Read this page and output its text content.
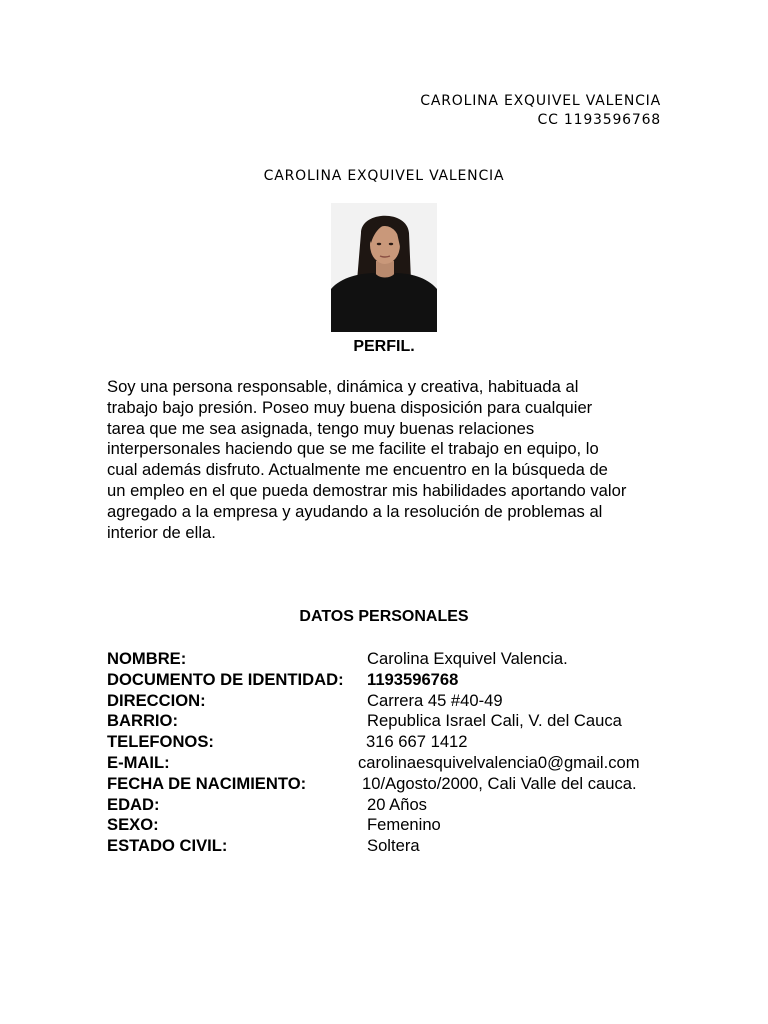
CAROLINA EXQUIVEL VALENCIA
CC 1193596768
CAROLINA EXQUIVEL VALENCIA
PERFIL.
Soy una persona responsable, dinámica y creativa, habituada al
trabajo bajo presión. Poseo muy buena disposición para cualquier
tarea que me sea asignada, tengo muy buenas relaciones
interpersonales haciendo que se me facilite el trabajo en equipo, lo
cual además disfruto. Actualmente me encuentro en la búsqueda de
un empleo en el que pueda demostrar mis habilidades aportando valor
agregado a la empresa y ayudando a la resolución de problemas al
interior de ella.
DATOS PERSONALES
NOMBRE:	Carolina Exquivel Valencia.
DOCUMENTO DE IDENTIDAD: 1193596768
DIRECCION:	Carrera 45 #40-49
BARRIO:	Republica Israel Cali, V. del Cauca
TELEFONOS:	316 667 1412
E-MAIL:	carolinaesquivelvalencia0@gmail.com
FECHA DE NACIMIENTO:	10/Agosto/2000, Cali Valle del cauca.
EDAD:	20 Años
SEXO:	Femenino
ESTADO CIVIL:	Soltera
